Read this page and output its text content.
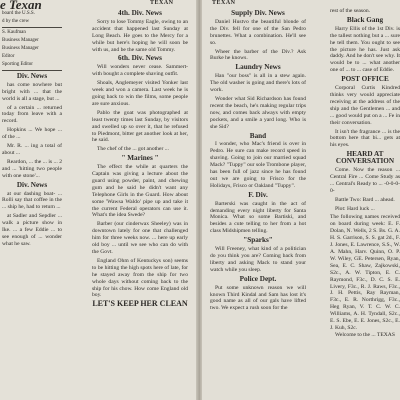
TEXAN
e Texan

board the U.S.S.

d by the crew

S. Kaufman

Business Manager

Business Manager

Editor

Sporting Editor

Div. News

has come nowhere but bright with ... that the world is all a stage, but ...

of a certain ... returned today from leave with a record.

Hopkins ... We hope ... of the ...

Mr. R. ... ing a total of about ...

Reardon, ... the ... is ... 2 and ... 'hitting two people with one stone'...

Div. News

at our dashing boat- ... Rolli say that coffee in the ... ship he, had to return ...

at Sadler and Sepdler ... walk a picture show in Ike. ... a few Eddie ... to see enough of ... wonder what he saw.

4th. Div. News

Sorry to lose Tommy Eagle, owing to an accident that happened last Sunday at Long Beach. He goes to the Mercy for a while but here's hoping he will soon be with us, and be the same old Tommy.

6th. Div. News

Will wonders never cease. Sammert-with bought a complete shaving outfit.

Shoals, Anglemeyer visited Yonker last week and won a camera. Last week he is going back to win the films, some people are sure anxious.

Pablo the goat was photographed at least twenty times last Sunday, by visitors and swelled up so over it, that he refused to Piedmont, bitter get another look at her, he said.

The chef of the ... got another ...

" Marines "

The effect the while at quarters the Captain was giving a lecture about the guard using powder, paint, and chewing gum and he said he didn't want any Telephone Girls in the Guard. How about some 'Wawsa Waldo' pipe up and take it the current Federal operators can use it. What's the idea Swede?

Barber (our cinderwax Sheeley) was in downtown lately for one that challenged him for three weeks now. ... here up early old boy ... until we see who can do with the Govt.

England Ohm of Kentuckys son) seems to be hitting the high spots here of late, for he stayed away from the ship for two whole days without coming back to the ship for his chow. How come England old boy.

LET'S KEEP HER CLEAN
TEXAN
Supply Div. News

Daniel Hustvo the beautiful blonde of the Div. fell for one of the San Pedro brunettes. What a combination. He'll see so.

Wheer the barber of the Div.? Ask Burke he knows.

Laundry News

Han "our boss" is all in a stew again. The old washer is going and there's lots of work.

Wonder what Sid Richardson has found recent the beach, he's making regular trips now, and comes back always with empty pockets, and a smile a yard long. Who is she Sid?

Band

I wonder, who Mac's friend is over in Pedro. He sure can make record speed in shaving. Going to join our married squad Mack? "Tuppy" our sole Trombone player, has been full of jazz since he has found out we are going to Frisco for the Holidays, Frisco or Oakland "Tuppy".

F. Div.

Barterski was caught in the act of demanding every night liberty for Santa Monica. What so some Bartiski, and besides a cute telling to her from a hot class Midshipmen telling.

"Sparks"

Will Freeney, what kind of a politician do you think you are? Coming back from liberty and asking Mack to stand your watch while you sleep.

Police Dept.

Put some unknown reason we will known Third Kindal and Sam has lost it's good name as all of our gals have lifted two. We expect a rush soon for the

rest of the season.

Black Gang

Harry Ellis of the 1st Div. is the tallest nothing but a ... sure he tell them. You ought to see the picture he has. Just ask daddy. And he don't see why. It would be to ... what another one of ... to ... case of Eddie.

POST OFFICE

Corporal Curtis Kindred thinks very would appreciate receiving at the address of the ship and the Gentlemen ... and ... good would put on a ... Fe in their conversation.

It isn't the fragrance ... is the bottom here that bi... gets at his eyes.

HEARD AT CONVERSATION

Come. Now the reason ... Central Fire ... Come Study as ... Central's Ready to ... -0-0-0-0-

Battle Two: Bard ... ahead.

Plot: Hard luck ...

The following names received on board during week: E. F. Dolan, N. Wells, 2 S. Bs. G. A. H. S. Garrison, S. S. gat 2d., F. J. Jones, E. Lawrence, S.S., W. A. Mahn, Harv. Quinn, O. P. W. Wiley, GE. Petersen, Ryan, Sea, E. C. Shaw, Zajkowski, S2c., A. W. Tipton, E. C. Raymond, F3c., D. C. S. E. Livery, F3c., R. J. Raws, F3c., J. H. Pettis, Ray Rayman, F3c., E. R. Northrigg, F3c., Heg Ryan, V. T. C. W. C. Williams, A. H. Tyndall, S2c., E. S. Ebe, E. E. Jones, S2c., E. J. Kuh, S2c.

Welcome to the ... TEXAS
